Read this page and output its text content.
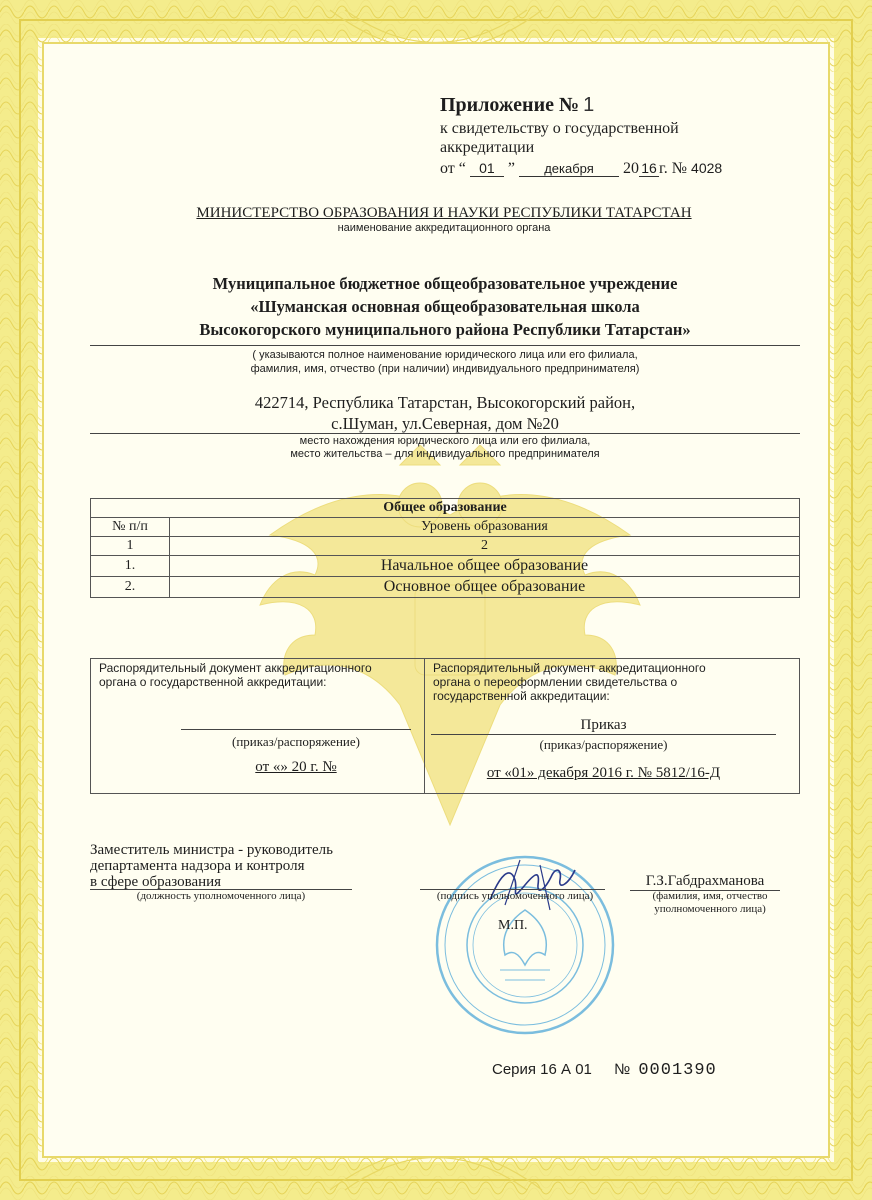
Приложение № 1
к свидетельству о государственной
аккредитации
от “ 01 ” декабря 20 16 г. № 4028
МИНИСТЕРСТВО ОБРАЗОВАНИЯ И НАУКИ РЕСПУБЛИКИ ТАТАРСТАН
наименование аккредитационного органа
Муниципальное бюджетное общеобразовательное учреждение
«Шуманская основная общеобразовательная школа
Высокогорского муниципального района Республики Татарстан»
( указываются полное наименование юридического лица или его филиала,
фамилия, имя, отчество (при наличии) индивидуального предпринимателя)
422714, Республика Татарстан, Высокогорский район,
с.Шуман, ул.Северная, дом №20
место нахождения юридического лица или его филиала,
место жительства – для индивидуального предпринимателя
Общее образование	
№ п/п	Уровень образования
1	2
1.	Начальное общее образование
2.	Основное общее образование
Распорядительный документ аккредитационного
органа о государственной аккредитации:
(приказ/распоряжение)
от «» 20 г. №
Распорядительный документ аккредитационного
органа о переоформлении свидетельства о
государственной аккредитации:
Приказ
(приказ/распоряжение)
от «01» декабря 2016 г. № 5812/16-Д
Заместитель министра - руководитель
департамента надзора и контроля
в сфере образования
(должность уполномоченного лица)	(подпись уполномоченного лица)
М.П.
Г.З.Габдрахманова
(фамилия, имя, отчество
уполномоченного лица)
Серия 16 А 01 № 0001390
